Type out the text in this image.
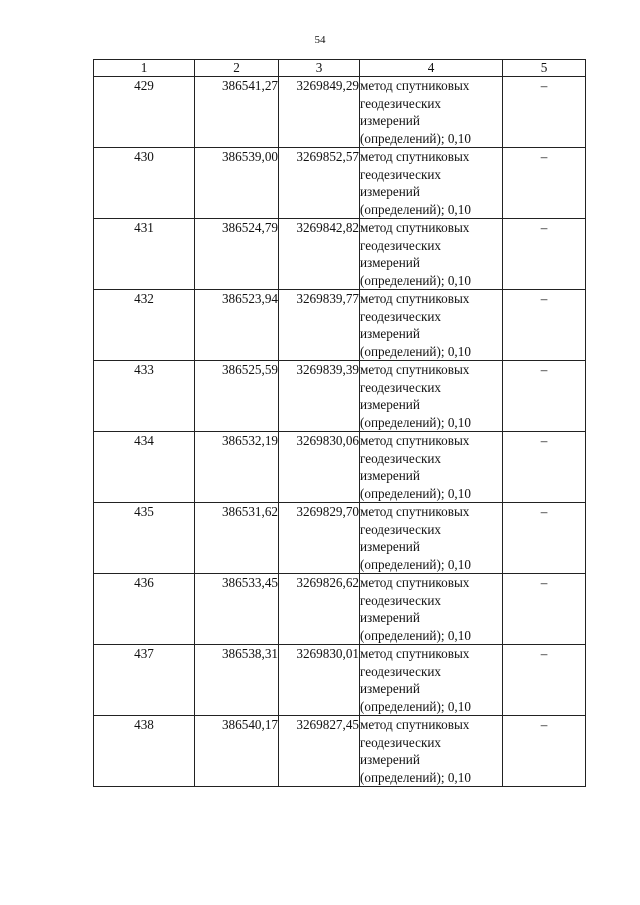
54
1	2	3	4	5
429	386541,27	3269849,29	метод спутниковых геодезических измерений (определений); 0,10	–
430	386539,00	3269852,57	метод спутниковых геодезических измерений (определений); 0,10	–
431	386524,79	3269842,82	метод спутниковых геодезических измерений (определений); 0,10	–
432	386523,94	3269839,77	метод спутниковых геодезических измерений (определений); 0,10	–
433	386525,59	3269839,39	метод спутниковых геодезических измерений (определений); 0,10	–
434	386532,19	3269830,06	метод спутниковых геодезических измерений (определений); 0,10	–
435	386531,62	3269829,70	метод спутниковых геодезических измерений (определений); 0,10	–
436	386533,45	3269826,62	метод спутниковых геодезических измерений (определений); 0,10	–
437	386538,31	3269830,01	метод спутниковых геодезических измерений (определений); 0,10	–
438	386540,17	3269827,45	метод спутниковых геодезических измерений (определений); 0,10	–
